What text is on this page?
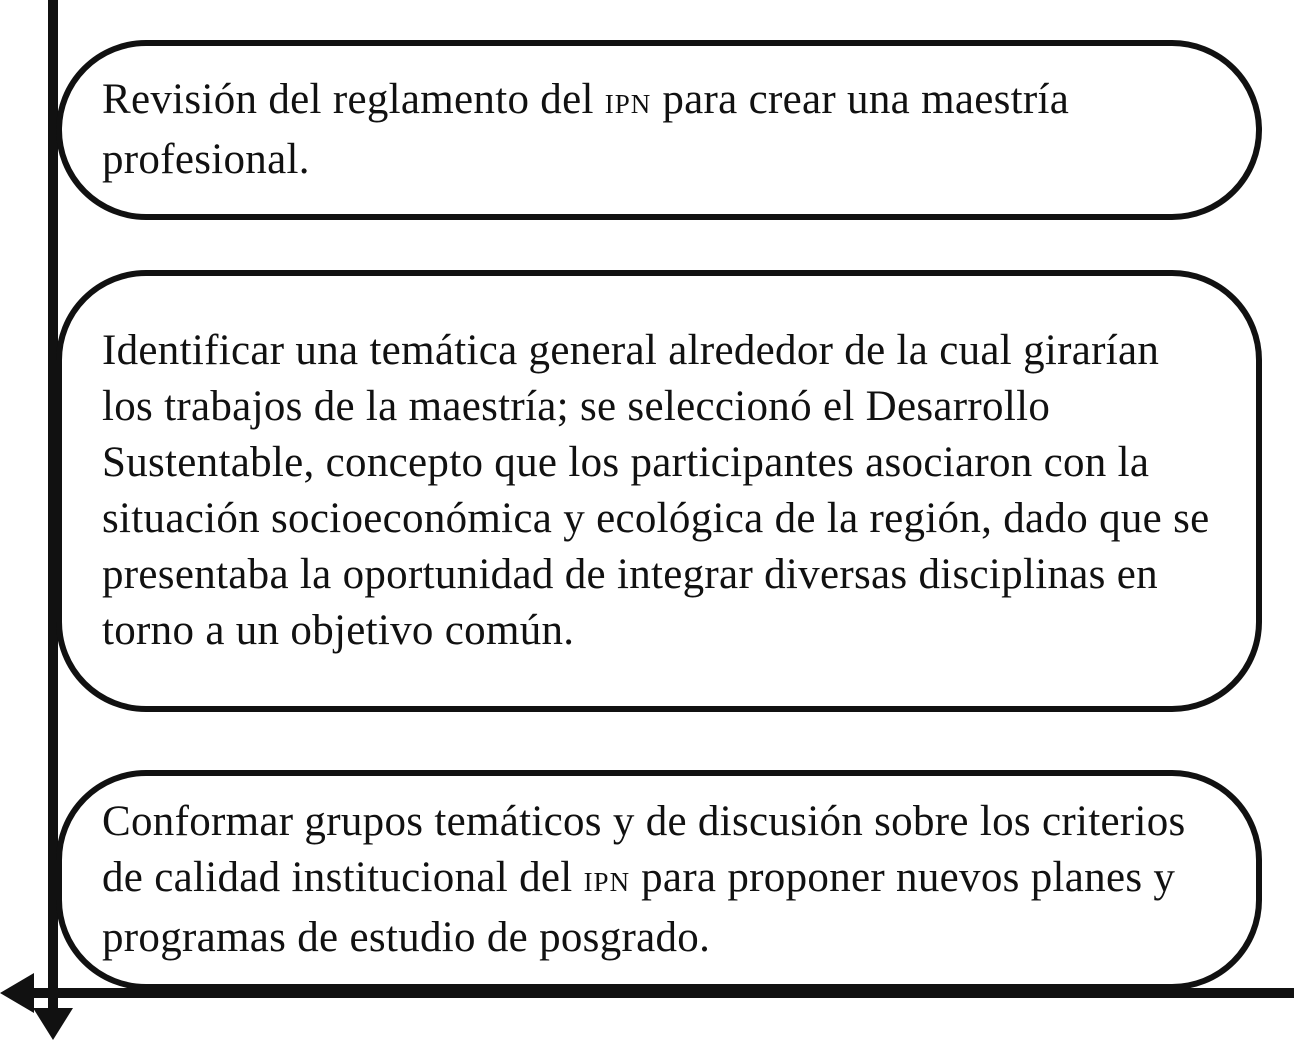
Revisión del reglamento del IPN para crear una maestría profesional.

Identificar una temática general alrededor de la cual girarían los trabajos de la maestría; se seleccionó el Desarrollo Sustentable, concepto que los participantes asociaron con la situación socioeconómica y ecológica de la región, dado que se presentaba la oportunidad de integrar diversas disciplinas en torno a un objetivo común.

Conformar grupos temáticos y de discusión sobre los criterios de calidad institucional del IPN para proponer nuevos planes y programas de estudio de posgrado.
